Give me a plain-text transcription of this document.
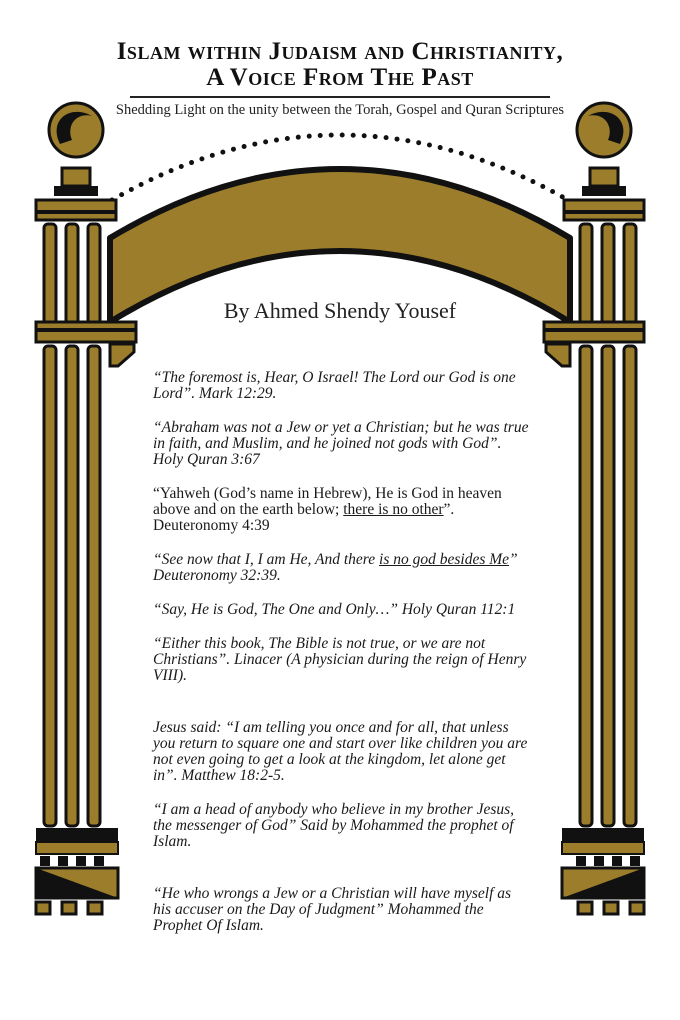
Islam within Judaism and Christianity,
A Voice From The Past
Shedding Light on the unity between the Torah, Gospel and Quran Scriptures
By Ahmed Shendy Yousef

“The foremost is, Hear, O Israel! The Lord our God is one Lord”. Mark 12:29.

“Abraham was not a Jew or yet a Christian; but he was true in faith, and Muslim, and he joined not gods with God”. Holy Quran 3:67

“Yahweh (God’s name in Hebrew), He is God in heaven above and on the earth below; there is no other”. Deuteronomy 4:39

“See now that I, I am He, And there is no god besides Me” Deuteronomy 32:39.

“Say, He is God, The One and Only…” Holy Quran 112:1

“Either this book, The Bible is not true, or we are not Christians”. Linacer (A physician during the reign of Henry VIII).

Jesus said: “I am telling you once and for all, that unless you return to square one and start over like children you are not even going to get a look at the kingdom, let alone get in”. Matthew 18:2-5.

“I am a head of anybody who believe in my brother Jesus, the messenger of God” Said by Mohammed the prophet of Islam.

“He who wrongs a Jew or a Christian will have myself as his accuser on the Day of Judgment” Mohammed the Prophet Of Islam.
